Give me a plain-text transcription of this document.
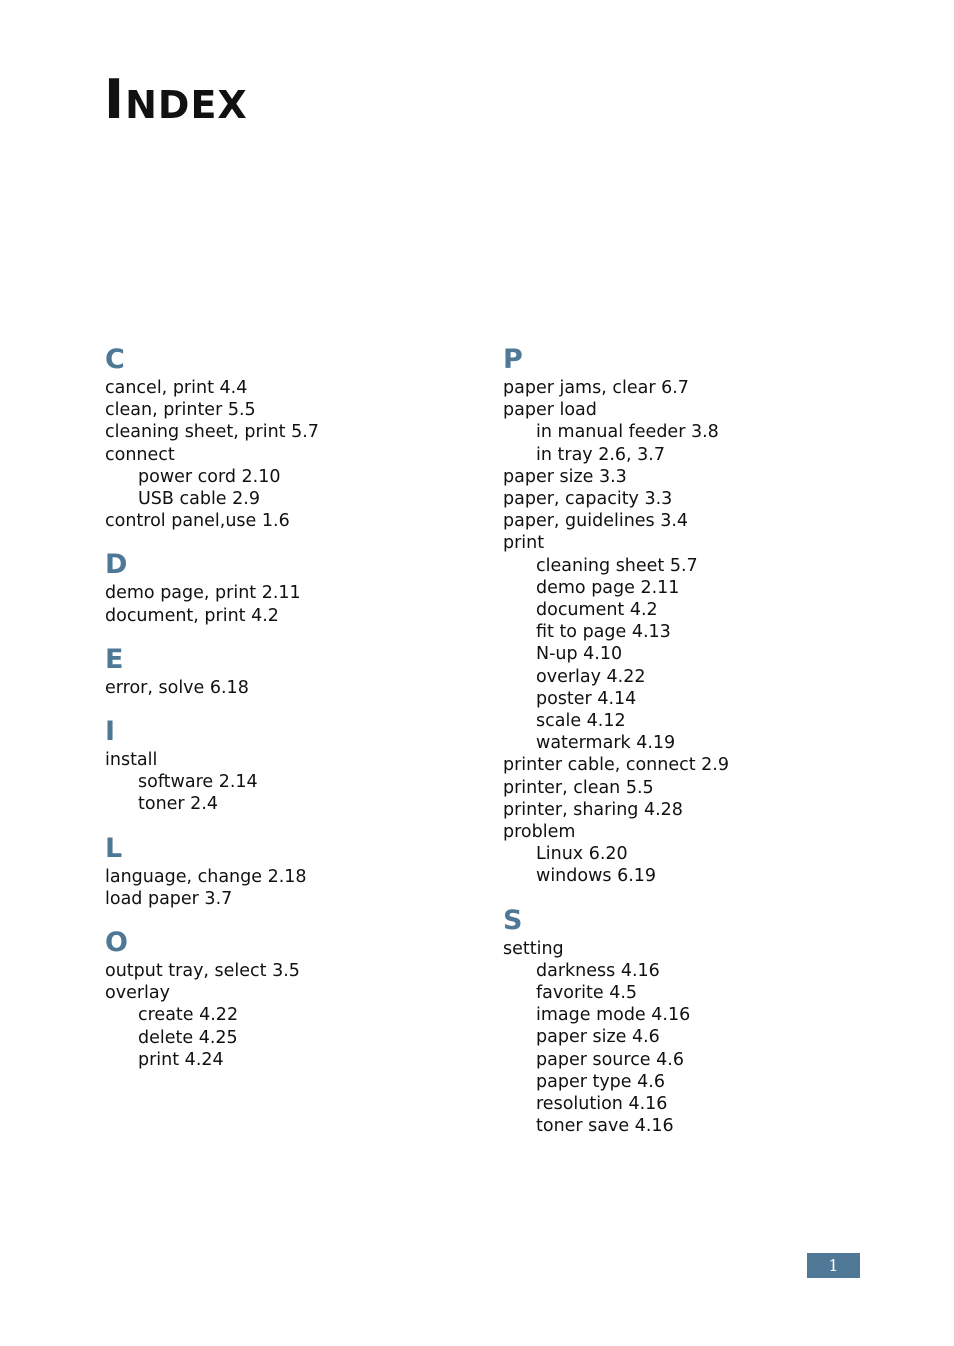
INDEX
C
cancel, print 4.4
clean, printer 5.5
cleaning sheet, print 5.7
connect
power cord 2.10
USB cable 2.9
control panel,use 1.6
D
demo page, print 2.11
document, print 4.2
E
error, solve 6.18
I
install
software 2.14
toner 2.4
L
language, change 2.18
load paper 3.7
O
output tray, select 3.5
overlay
create 4.22
delete 4.25
print 4.24
P
paper jams, clear 6.7
paper load
in manual feeder 3.8
in tray 2.6, 3.7
paper size 3.3
paper, capacity 3.3
paper, guidelines 3.4
print
cleaning sheet 5.7
demo page 2.11
document 4.2
fit to page 4.13
N-up 4.10
overlay 4.22
poster 4.14
scale 4.12
watermark 4.19
printer cable, connect 2.9
printer, clean 5.5
printer, sharing 4.28
problem
Linux 6.20
windows 6.19
S
setting
darkness 4.16
favorite 4.5
image mode 4.16
paper size 4.6
paper source 4.6
paper type 4.6
resolution 4.16
toner save 4.16
1
